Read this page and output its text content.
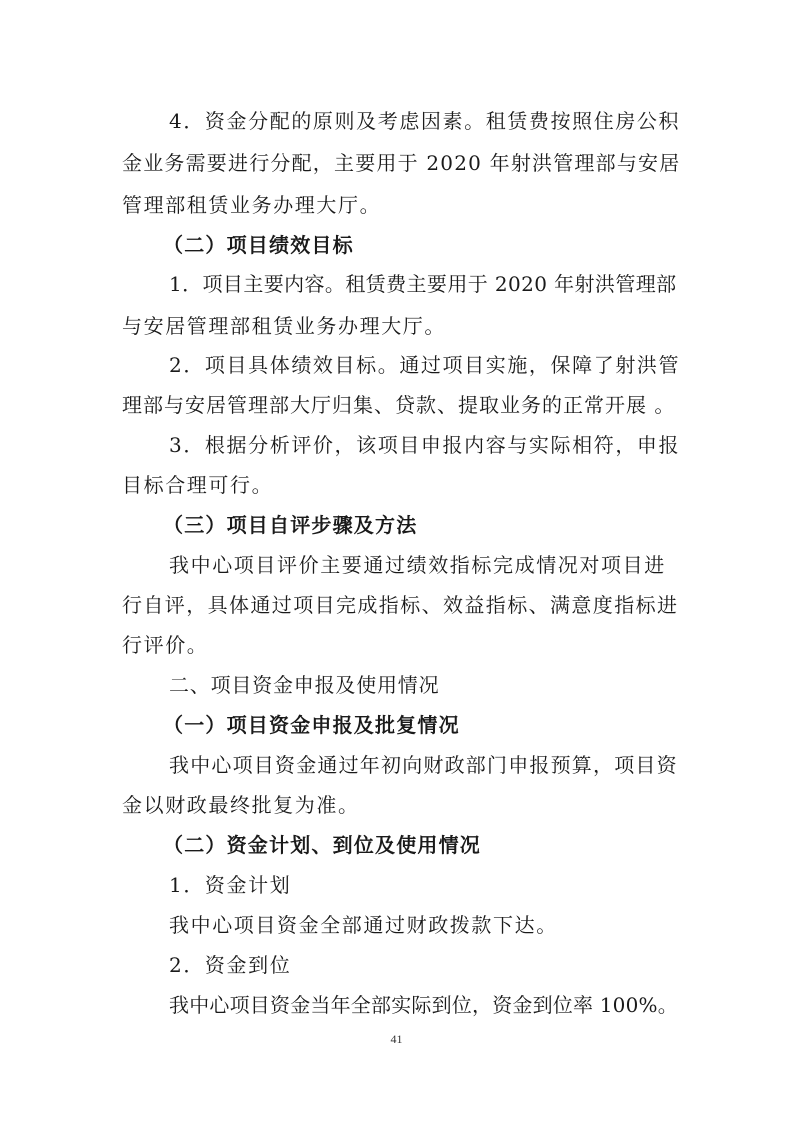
4．资金分配的原则及考虑因素。租赁费按照住房公积
金业务需要进行分配，主要用于 2020 年射洪管理部与安居
管理部租赁业务办理大厅。
（二）项目绩效目标
1．项目主要内容。租赁费主要用于 2020 年射洪管理部
与安居管理部租赁业务办理大厅。
2．项目具体绩效目标。通过项目实施，保障了射洪管
理部与安居管理部大厅归集、贷款、提取业务的正常开展 。
3．根据分析评价，该项目申报内容与实际相符，申报
目标合理可行。
（三）项目自评步骤及方法
我中心项目评价主要通过绩效指标完成情况对项目进
行自评，具体通过项目完成指标、效益指标、满意度指标进
行评价。
二、项目资金申报及使用情况
（一）项目资金申报及批复情况
我中心项目资金通过年初向财政部门申报预算，项目资
金以财政最终批复为准。
（二）资金计划、到位及使用情况
1．资金计划
我中心项目资金全部通过财政拨款下达。
2．资金到位
我中心项目资金当年全部实际到位，资金到位率 100%。
41
